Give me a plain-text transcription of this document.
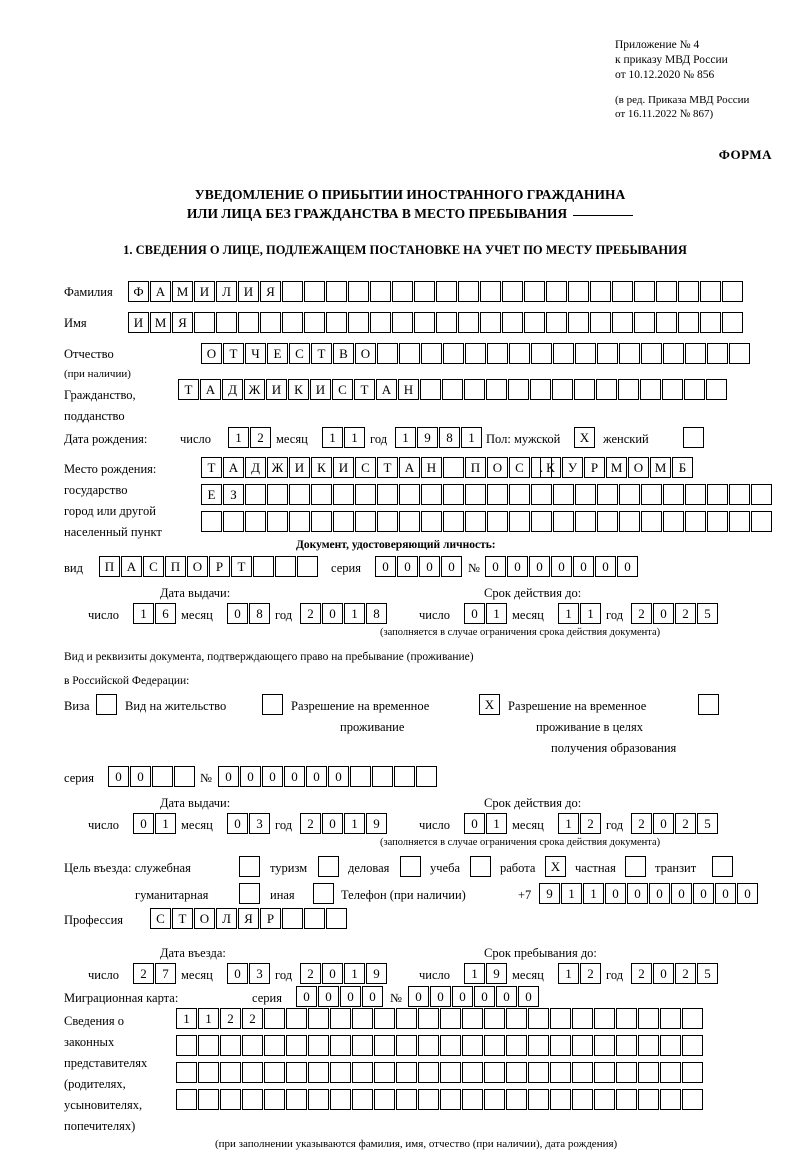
Приложение № 4
к приказу МВД России
от 10.12.2020 № 856
(в ред. Приказа МВД России
от 16.11.2022 № 867)
ФОРМА
УВЕДОМЛЕНИЕ О ПРИБЫТИИ ИНОСТРАННОГО ГРАЖДАНИНА
ИЛИ ЛИЦА БЕЗ ГРАЖДАНСТВА В МЕСТО ПРЕБЫВАНИЯ
1. СВЕДЕНИЯ О ЛИЦЕ, ПОДЛЕЖАЩЕМ ПОСТАНОВКЕ НА УЧЕТ ПО МЕСТУ ПРЕБЫВАНИЯ
Фамилия	Ф А М И Л И Я
Имя	И М Я
Отчество
(при наличии)
О	Т	Ч	Е	С	Т	В О
Гражданство,
подданство
Т	А Д Ж И К И С	Т	А Н
Дата рождения:	число	1	2 месяц	1	1 год	1	9	8	1 Пол: мужской	X	женский
Место рождения:
государство
город или другой
населенный пункт
Т	А Д Ж И К И С	Т	А Н	П О С	. К	У	Р М О М Б
Е	З
Документ, удостоверяющий личность:
вид	П А С П О	Р	Т	серия	0	0	0	0	№ 0	0	0	0	0	0	0
Дата выдачи:	Срок действия до:
число	1	6 месяц	0	8 год	2	0	1	8	число	0	1 месяц	1	1 год	2	0	2	5
(заполняется в случае ограничения срока действия документа)
Вид и реквизиты документа, подтверждающего право на пребывание (проживание)
в Российской Федерации:
Виза	Вид на жительство	Разрешение на временное
проживание
X	Разрешение на временное
проживание в целях
получения образования
серия	0	0	№	0	0	0	0	0	0
Дата выдачи:	Срок действия до:
число	0	1 месяц	0	3 год	2	0	1	9	число	0	1 месяц	1	2 год	2	0	2	5
(заполняется в случае ограничения срока действия документа)
Цель въезда: служебная	туризм	деловая	учеба	работа	X	частная	транзит
гуманитарная	иная	Телефон (при наличии)	+7	9	1	1	0	0	0	0	0	0	0
Профессия	С	Т	О Л	Я	Р
Дата въезда:	Срок пребывания до:
число	2	7 месяц	0	3 год	2	0	1	9	число	1	9 месяц	1	2 год	2	0	2	5
Миграционная карта:	серия	0	0	0	0	№	0	0	0	0	0	0
Сведения о
законных
представителях
(родителях,
усыновителях,
попечителях)
1	1	2	2
(при заполнении указываются фамилия, имя, отчество (при наличии), дата рождения)
